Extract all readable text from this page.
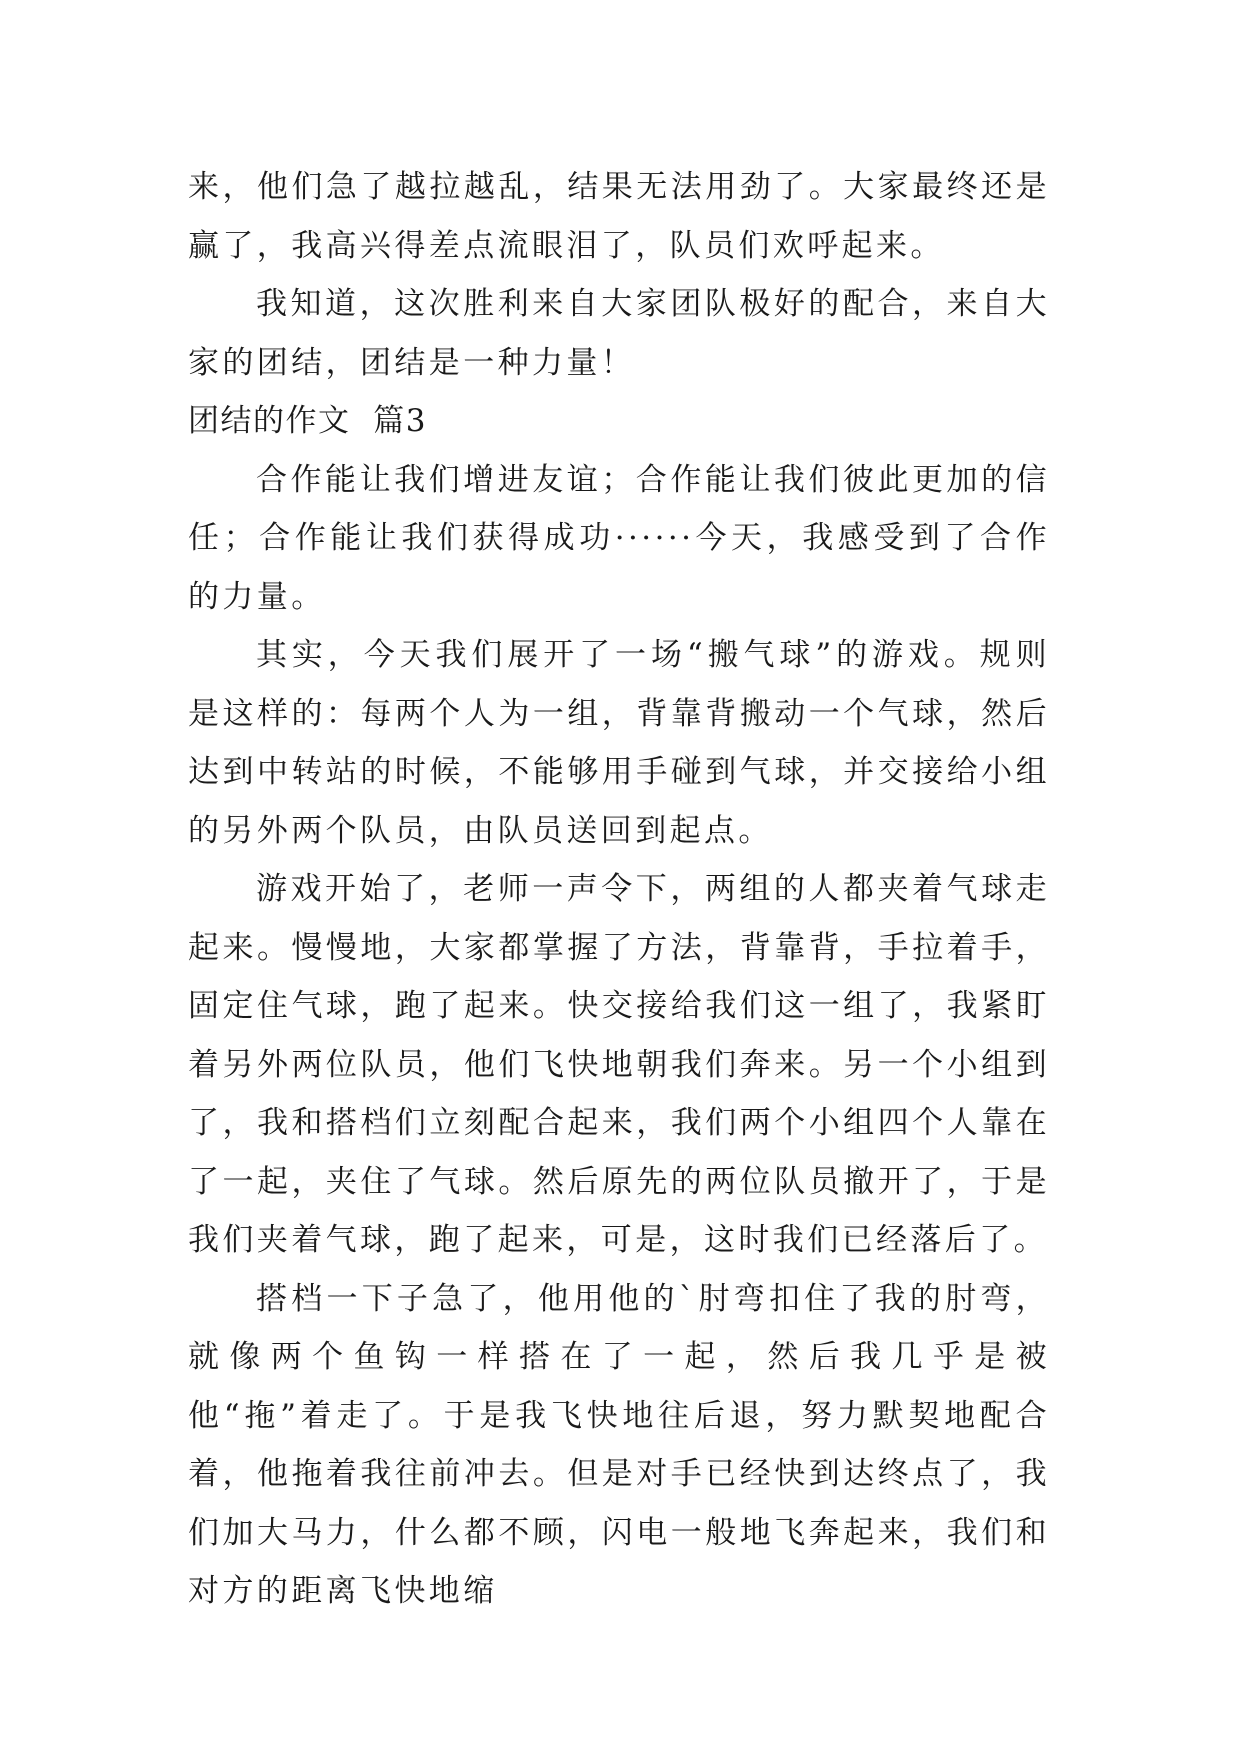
来，他们急了越拉越乱，结果无法用劲了。大家最终还是赢了，我高兴得差点流眼泪了，队员们欢呼起来。

我知道，这次胜利来自大家团队极好的配合，来自大家的团结，团结是一种力量！

团结的作文  篇3

合作能让我们增进友谊；合作能让我们彼此更加的信任；合作能让我们获得成功······今天，我感受到了合作的力量。

其实，今天我们展开了一场“搬气球”的游戏。规则是这样的：每两个人为一组，背靠背搬动一个气球，然后达到中转站的时候，不能够用手碰到气球，并交接给小组的另外两个队员，由队员送回到起点。

游戏开始了，老师一声令下，两组的人都夹着气球走起来。慢慢地，大家都掌握了方法，背靠背，手拉着手，固定住气球，跑了起来。快交接给我们这一组了，我紧盯着另外两位队员，他们飞快地朝我们奔来。另一个小组到了，我和搭档们立刻配合起来，我们两个小组四个人靠在了一起，夹住了气球。然后原先的两位队员撤开了，于是我们夹着气球，跑了起来，可是，这时我们已经落后了。

搭档一下子急了，他用他的`肘弯扣住了我的肘弯，就像两个鱼钩一样搭在了一起，然后我几乎是被他“拖”着走了。于是我飞快地往后退，努力默契地配合着，他拖着我往前冲去。但是对手已经快到达终点了，我们加大马力，什么都不顾，闪电一般地飞奔起来，我们和对方的距离飞快地缩
